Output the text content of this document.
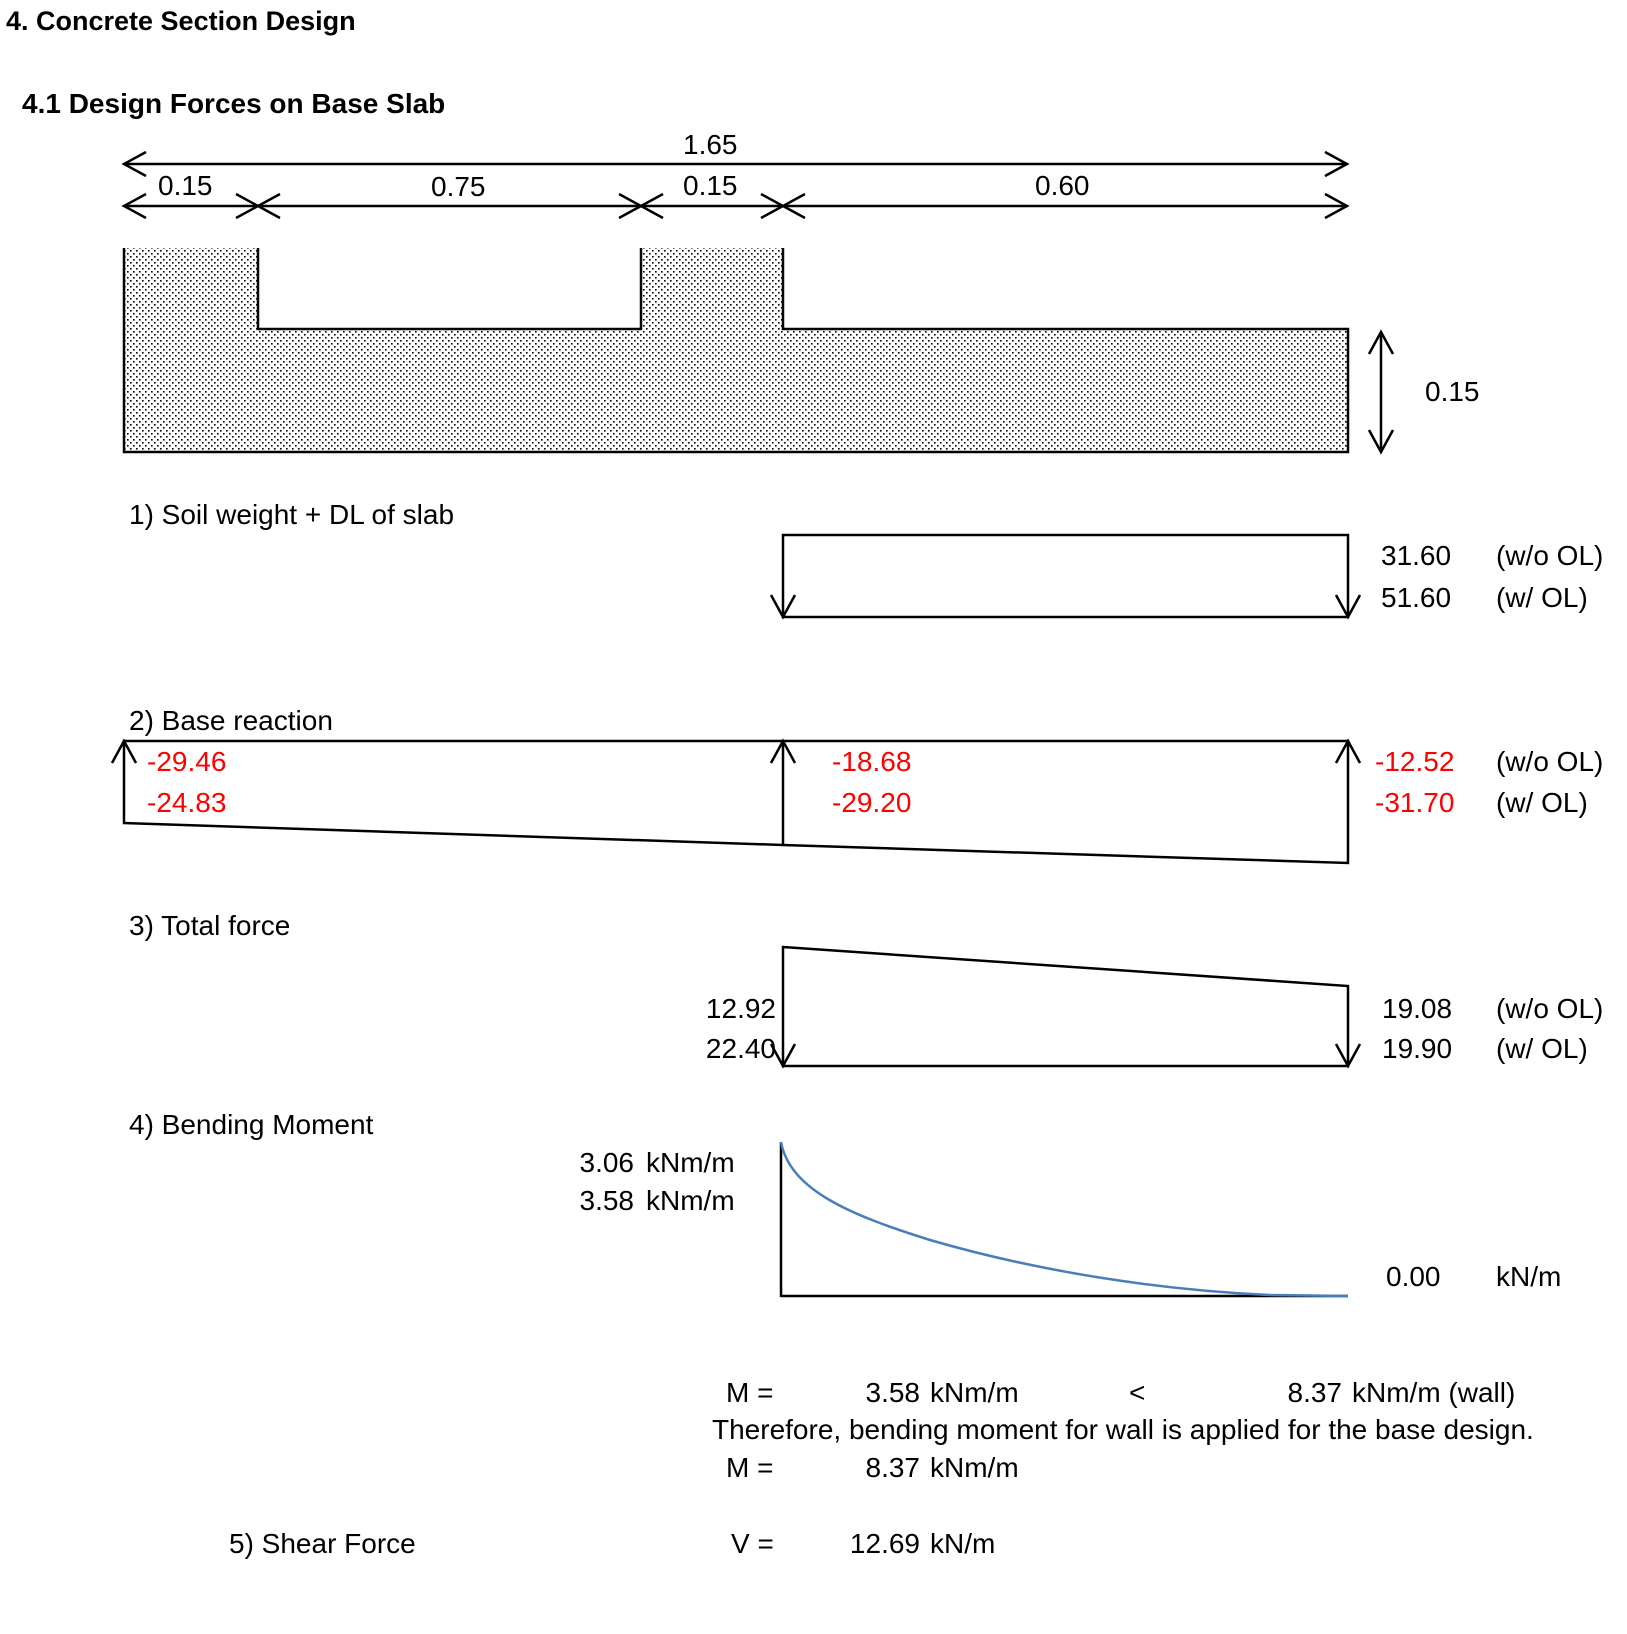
4. Concrete Section Design
4.1 Design Forces on Base Slab
1.65
0.15	0.75	0.15	0.60
0.15
1) Soil weight + DL of slab
31.60 (w/o OL)
51.60 (w/ OL)
2) Base reaction
-29.46
-24.83
-18.68
-29.20
-12.52 (w/o OL)
-31.70 (w/ OL)
3) Total force
12.92
22.40
19.08 (w/o OL)
19.90 (w/ OL)
4) Bending Moment
3.06 kNm/m
3.58 kNm/m
0.00 kN/m
M =	3.58 kNm/m	<	8.37 kNm/m (wall)
Therefore, bending moment for wall is applied for the base design.
M =	8.37 kNm/m
5) Shear Force	V =	12.69 kN/m
